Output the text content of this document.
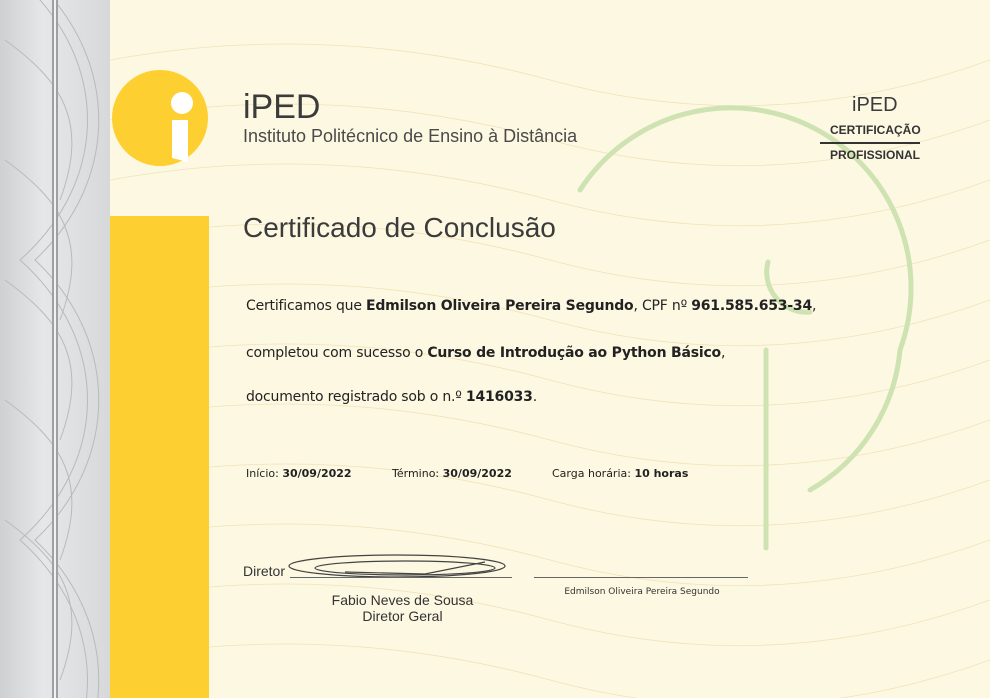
iPED
Instituto Politécnico de Ensino à Distância
iPED
CERTIFICAÇÃO
PROFISSIONAL
Certificado de Conclusão
Certificamos que Edmilson Oliveira Pereira Segundo, CPF nº 961.585.653-34,
completou com sucesso o Curso de Introdução ao Python Básico,
documento registrado sob o n.º 1416033.
Início: 30/09/2022	Término: 30/09/2022	Carga horária: 10 horas
Diretor
Fabio Neves de Sousa
Diretor Geral
Edmilson Oliveira Pereira Segundo
